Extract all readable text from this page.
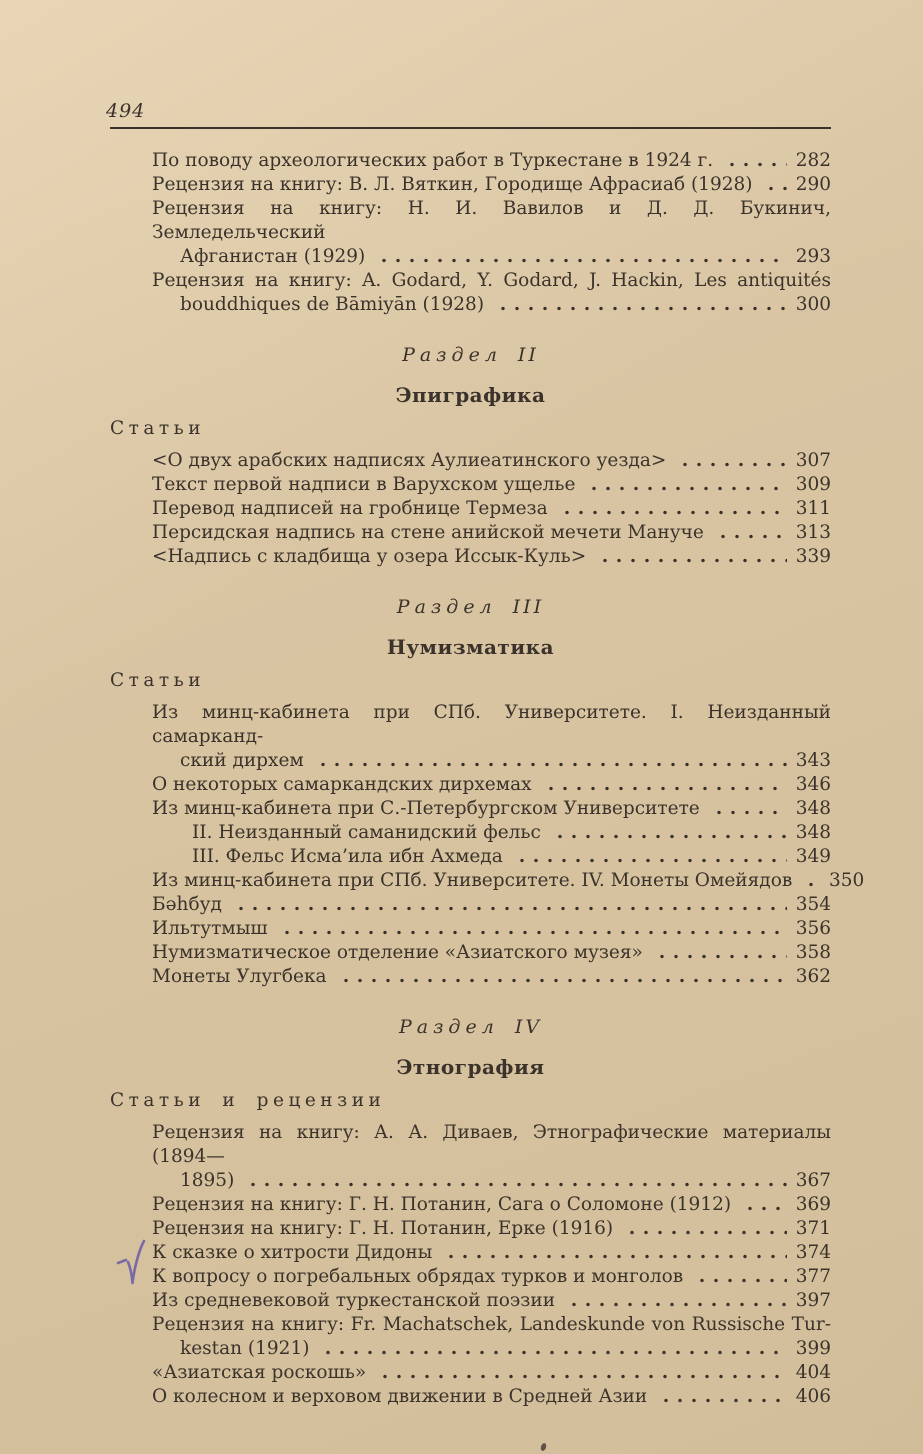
494
По поводу археологических работ в Туркестане в 1924 г.	282
Рецензия на книгу: В. Л. Вяткин, Городище Афрасиаб (1928) 290
Рецензия на книгу: Н. И. Вавилов и Д. Д. Букинич, Земледельческий
Афганистан (1929)	293
Рецензия на книгу: A. Godard, Y. Godard, J. Hackin, Les antiquités
bouddhiques de Bāmiyān (1928)	300
Раздел II
Эпиграфика
Статьи
<О двух арабских надписях Аулиеатинского уезда>	307
Текст первой надписи в Варухском ущелье	309
Перевод надписей на гробнице Термеза	311
Персидская надпись на стене анийской мечети Мануче	313
<Надпись с кладбища у озера Иссык-Куль>	339
Раздел III
Нумизматика
Статьи
Из минц-кабинета при СПб. Университете. I. Неизданный самарканд-
ский дирхем	343
О некоторых самаркандских дирхемах	346
Из минц-кабинета при С.-Петербургском Университете	348
II. Неизданный саманидский фельс	348
III. Фельс Исма’ила ибн Ахмеда	349
Из минц-кабинета при СПб. Университете. IV. Монеты Омейядов 350
Бәһбуд	354
Ильтутмыш	356
Нумизматическое отделение «Азиатского музея»	358
Монеты Улугбека	362
Раздел IV
Этнография
Статьи и рецензии
Рецензия на книгу: А. А. Диваев, Этнографические материалы (1894—
1895)	367
Рецензия на книгу: Г. Н. Потанин, Сага о Соломоне (1912)	369
Рецензия на книгу: Г. Н. Потанин, Ерке (1916)	371
К сказке о хитрости Дидоны	374
К вопросу о погребальных обрядах турков и монголов	377
Из средневековой туркестанской поэзии	397
Рецензия на книгу: Fr. Machatschek, Landeskunde von Russische Tur-
kestan (1921)	399
«Азиатская роскошь»	404
О колесном и верховом движении в Средней Азии	406
